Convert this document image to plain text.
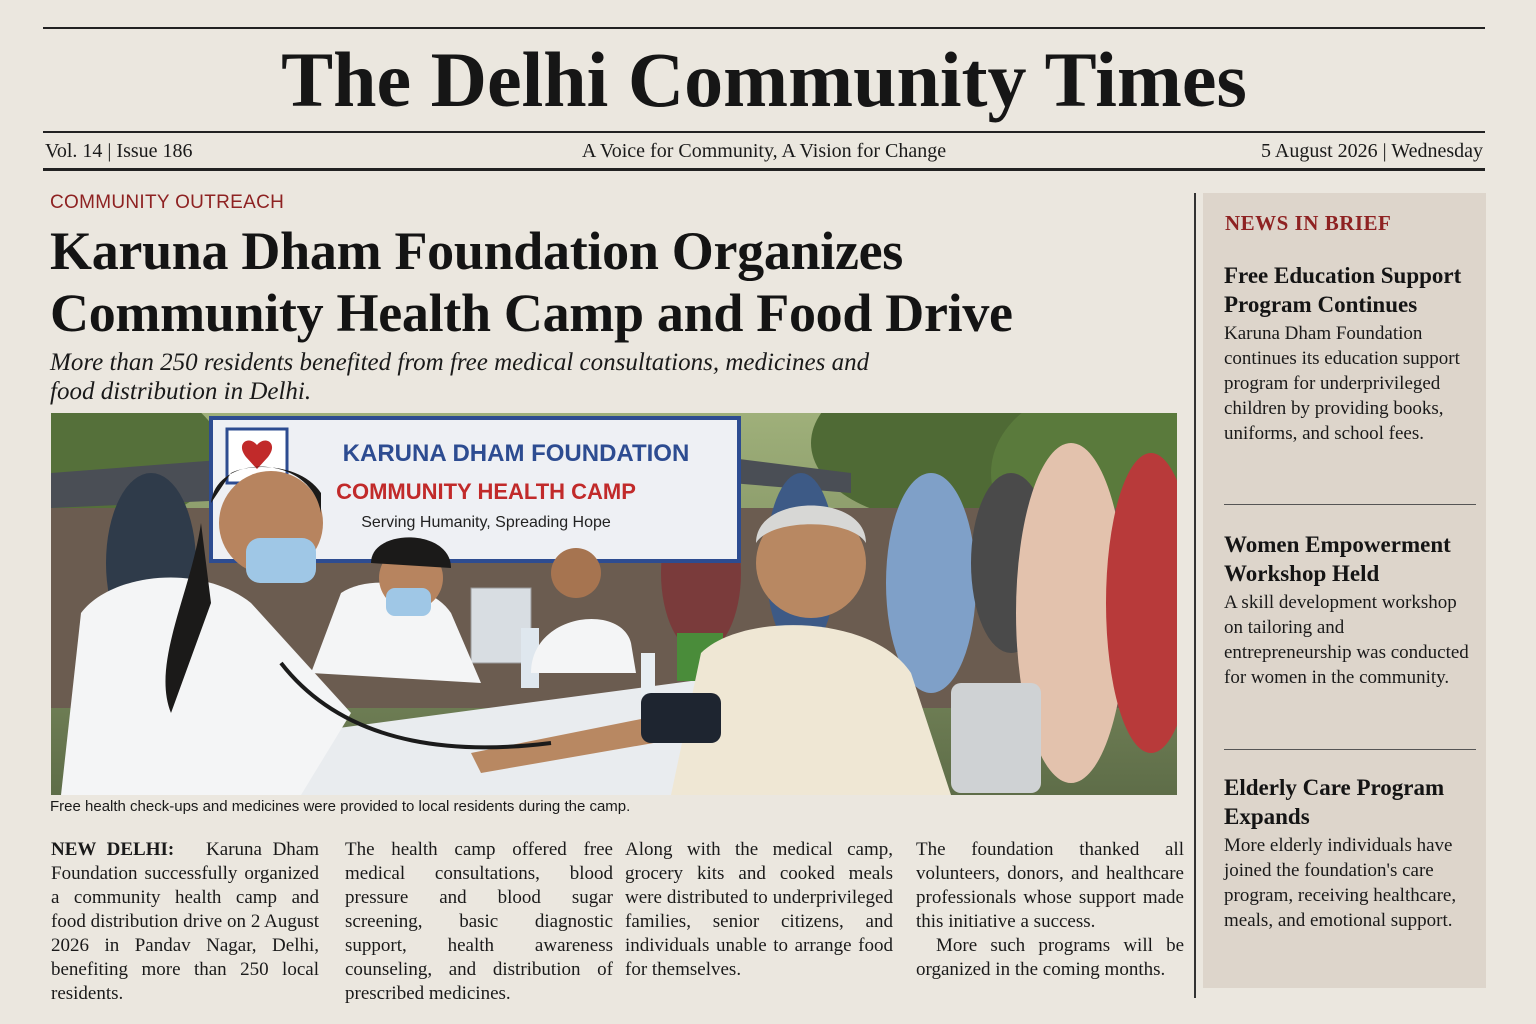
The Delhi Community Times
Vol. 14 | Issue 186	A Voice for Community, A Vision for Change	5 August 2026 | Wednesday
COMMUNITY OUTREACH
Karuna Dham Foundation Organizes Community Health Camp and Food Drive
More than 250 residents benefited from free medical consultations, medicines and food distribution in Delhi.
KARUNA DHAM FOUNDATION
COMMUNITY HEALTH CAMP
Serving Humanity, Spreading Hope
Free health check-ups and medicines were provided to local residents during the camp.

NEW DELHI: Karuna Dham Foundation successfully organized a community health camp and food distribution drive on 2 August 2026 in Pandav Nagar, Delhi, benefiting more than 250 local residents.

The health camp offered free medical consultations, blood pressure and blood sugar screening, basic diagnostic support, health awareness counseling, and distribution of prescribed medicines.

Along with the medical camp, grocery kits and cooked meals were distributed to underprivileged families, senior citizens, and individuals unable to arrange food for themselves.

The foundation thanked all volunteers, donors, and healthcare professionals whose support made this initiative a success.

More such programs will be organized in the coming months.

NEWS IN BRIEF
Free Education Support Program Continues

Karuna Dham Foundation continues its education support program for underprivileged children by providing books, uniforms, and school fees.

Women Empowerment Workshop Held

A skill development workshop on tailoring and entrepreneurship was conducted for women in the community.

Elderly Care Program Expands

More elderly individuals have joined the foundation's care program, receiving healthcare, meals, and emotional support.
